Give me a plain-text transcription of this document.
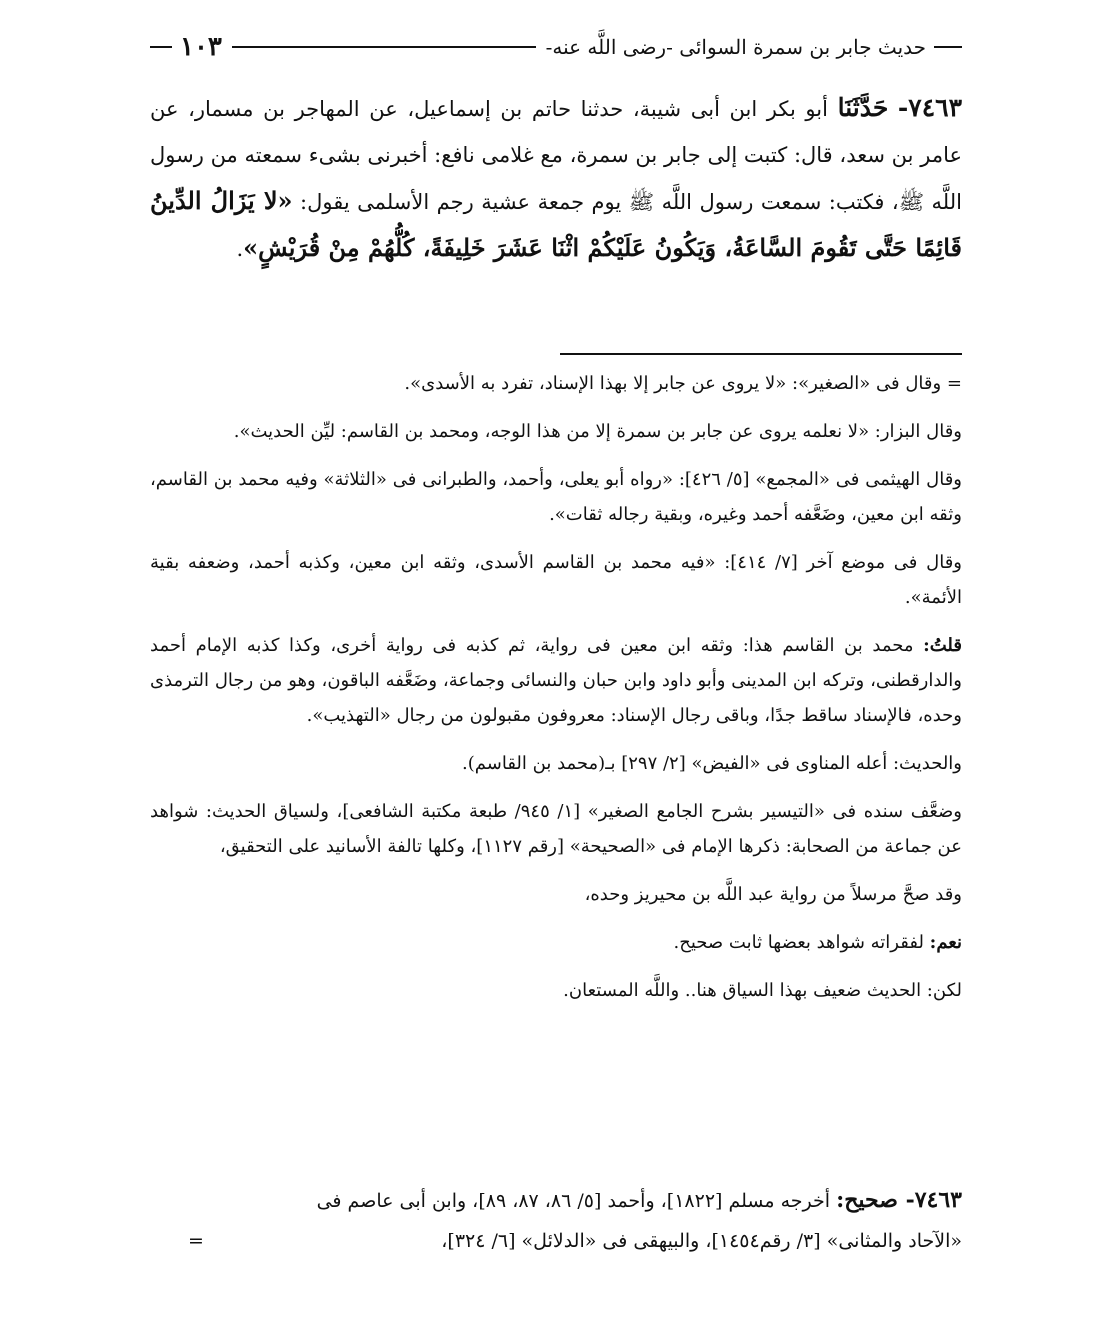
حديث جابر بن سمرة السوائى -رضى اللَّه عنه-
١٠٣
٧٤٦٣- حَدَّثَنَا أبو بكر ابن أبى شيبة، حدثنا حاتم بن إسماعيل، عن المهاجر بن مسمار، عن عامر بن سعد، قال: كتبت إلى جابر بن سمرة، مع غلامى نافع: أخبرنى بشىء سمعته من رسول اللَّه ﷺ، فكتب: سمعت رسول اللَّه ﷺ يوم جمعة عشية رجم الأسلمى يقول: «لا يَزَالُ الدِّينُ قَائِمًا حَتَّى تَقُومَ السَّاعَةُ، وَيَكُونُ عَلَيْكُمْ اثْنَا عَشَرَ خَلِيفَةً، كُلُّهُمْ مِنْ قُرَيْشٍ».

= وقال فى «الصغير»: «لا يروى عن جابر إلا بهذا الإسناد، تفرد به الأسدى».

وقال البزار: «لا نعلمه يروى عن جابر بن سمرة إلا من هذا الوجه، ومحمد بن القاسم: ليِّن الحديث».

وقال الهيثمى فى «المجمع» [٥/ ٤٢٦]: «رواه أبو يعلى، وأحمد، والطبرانى فى «الثلاثة» وفيه محمد بن القاسم، وثقه ابن معين، وضَعَّفه أحمد وغيره، وبقية رجاله ثقات».

وقال فى موضع آخر [٧/ ٤١٤]: «فيه محمد بن القاسم الأسدى، وثقه ابن معين، وكذبه أحمد، وضعفه بقية الأئمة».

قلتُ: محمد بن القاسم هذا: وثقه ابن معين فى رواية، ثم كذبه فى رواية أخرى، وكذا كذبه الإمام أحمد والدارقطنى، وتركه ابن المدينى وأبو داود وابن حبان والنسائى وجماعة، وضَعَّفه الباقون، وهو من رجال الترمذى وحده، فالإسناد ساقط جدًا، وباقى رجال الإسناد: معروفون مقبولون من رجال «التهذيب».

والحديث: أعله المناوى فى «الفيض» [٢/ ٢٩٧] بـ(محمد بن القاسم).

وضعَّف سنده فى «التيسير بشرح الجامع الصغير» [١/ ٩٤٥/ طبعة مكتبة الشافعى]، ولسياق الحديث: شواهد عن جماعة من الصحابة: ذكرها الإمام فى «الصحيحة» [رقم ١١٢٧]، وكلها تالفة الأسانيد على التحقيق،

وقد صحَّ مرسلاً من رواية عبد اللَّه بن محيريز وحده،

نعم: لفقراته شواهد بعضها ثابت صحيح.

لكن: الحديث ضعيف بهذا السياق هنا.. واللَّه المستعان.

٧٤٦٣- صحيح: أخرجه مسلم [١٨٢٢]، وأحمد [٥/ ٨٦، ٨٧، ٨٩]، وابن أبى عاصم فى
«الآحاد والمثانى» [٣/ رقم١٤٥٤]، والبيهقى فى «الدلائل» [٦/ ٣٢٤]،
=
